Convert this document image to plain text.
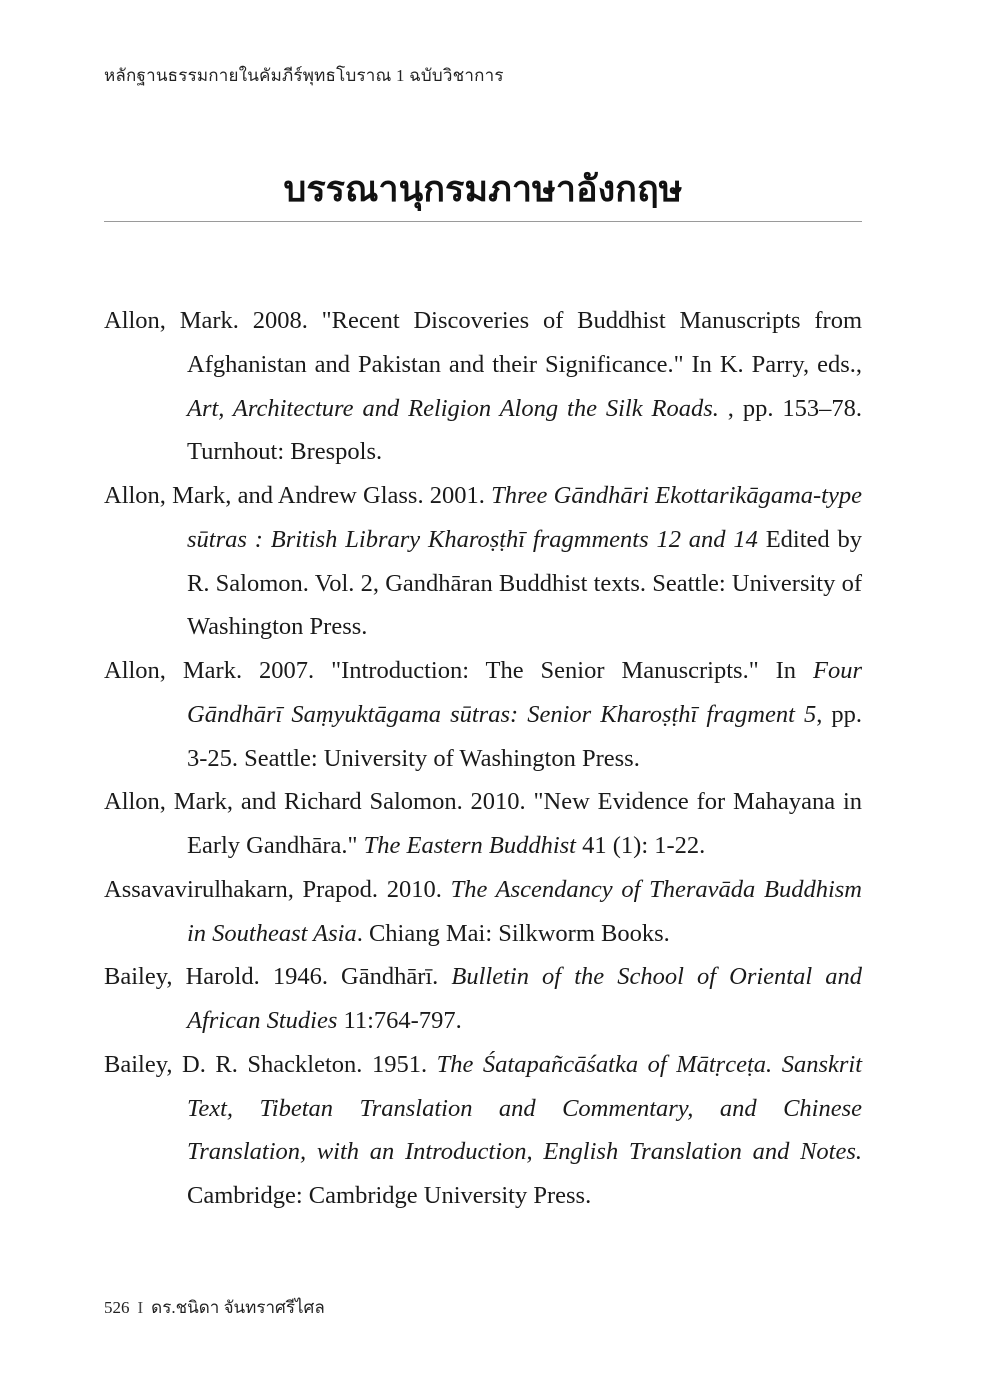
หลักฐานธรรมกายในคัมภีร์พุทธโบราณ 1 ฉบับวิชาการ
บรรณานุกรมภาษาอังกฤษ
Allon, Mark. 2008. "Recent Discoveries of Buddhist Manuscripts from Afghanistan and Pakistan and their Significance." In K. Parry, eds., Art, Architecture and Religion Along the Silk Roads. , pp. 153–78. Turnhout: Brespols.
Allon, Mark, and Andrew Glass. 2001. Three Gāndhāri Ekottarikāgama-type sūtras : British Library Kharoṣṭhī fragmments 12 and 14 Edited by R. Salomon. Vol. 2, Gandhāran Buddhist texts. Seattle: University of Washington Press.
Allon, Mark. 2007. "Introduction: The Senior Manuscripts." In Four Gāndhārī Saṃyuktāgama sūtras: Senior Kharoṣṭhī fragment 5, pp. 3-25. Seattle: University of Washington Press.
Allon, Mark, and Richard Salomon. 2010. "New Evidence for Mahayana in Early Gandhāra." The Eastern Buddhist 41 (1): 1-22.
Assavavirulhakarn, Prapod. 2010. The Ascendancy of Theravāda Buddhism in Southeast Asia. Chiang Mai: Silkworm Books.
Bailey, Harold. 1946. Gāndhārī. Bulletin of the School of Oriental and African Studies 11:764-797.
Bailey, D. R. Shackleton. 1951. The Śatapañcāśatka of Mātṛceṭa. Sanskrit Text, Tibetan Translation and Commentary, and Chinese Translation, with an Introduction, English Translation and Notes. Cambridge: Cambridge University Press.
526 I ดร.ชนิดา จันทราศรีไศล
